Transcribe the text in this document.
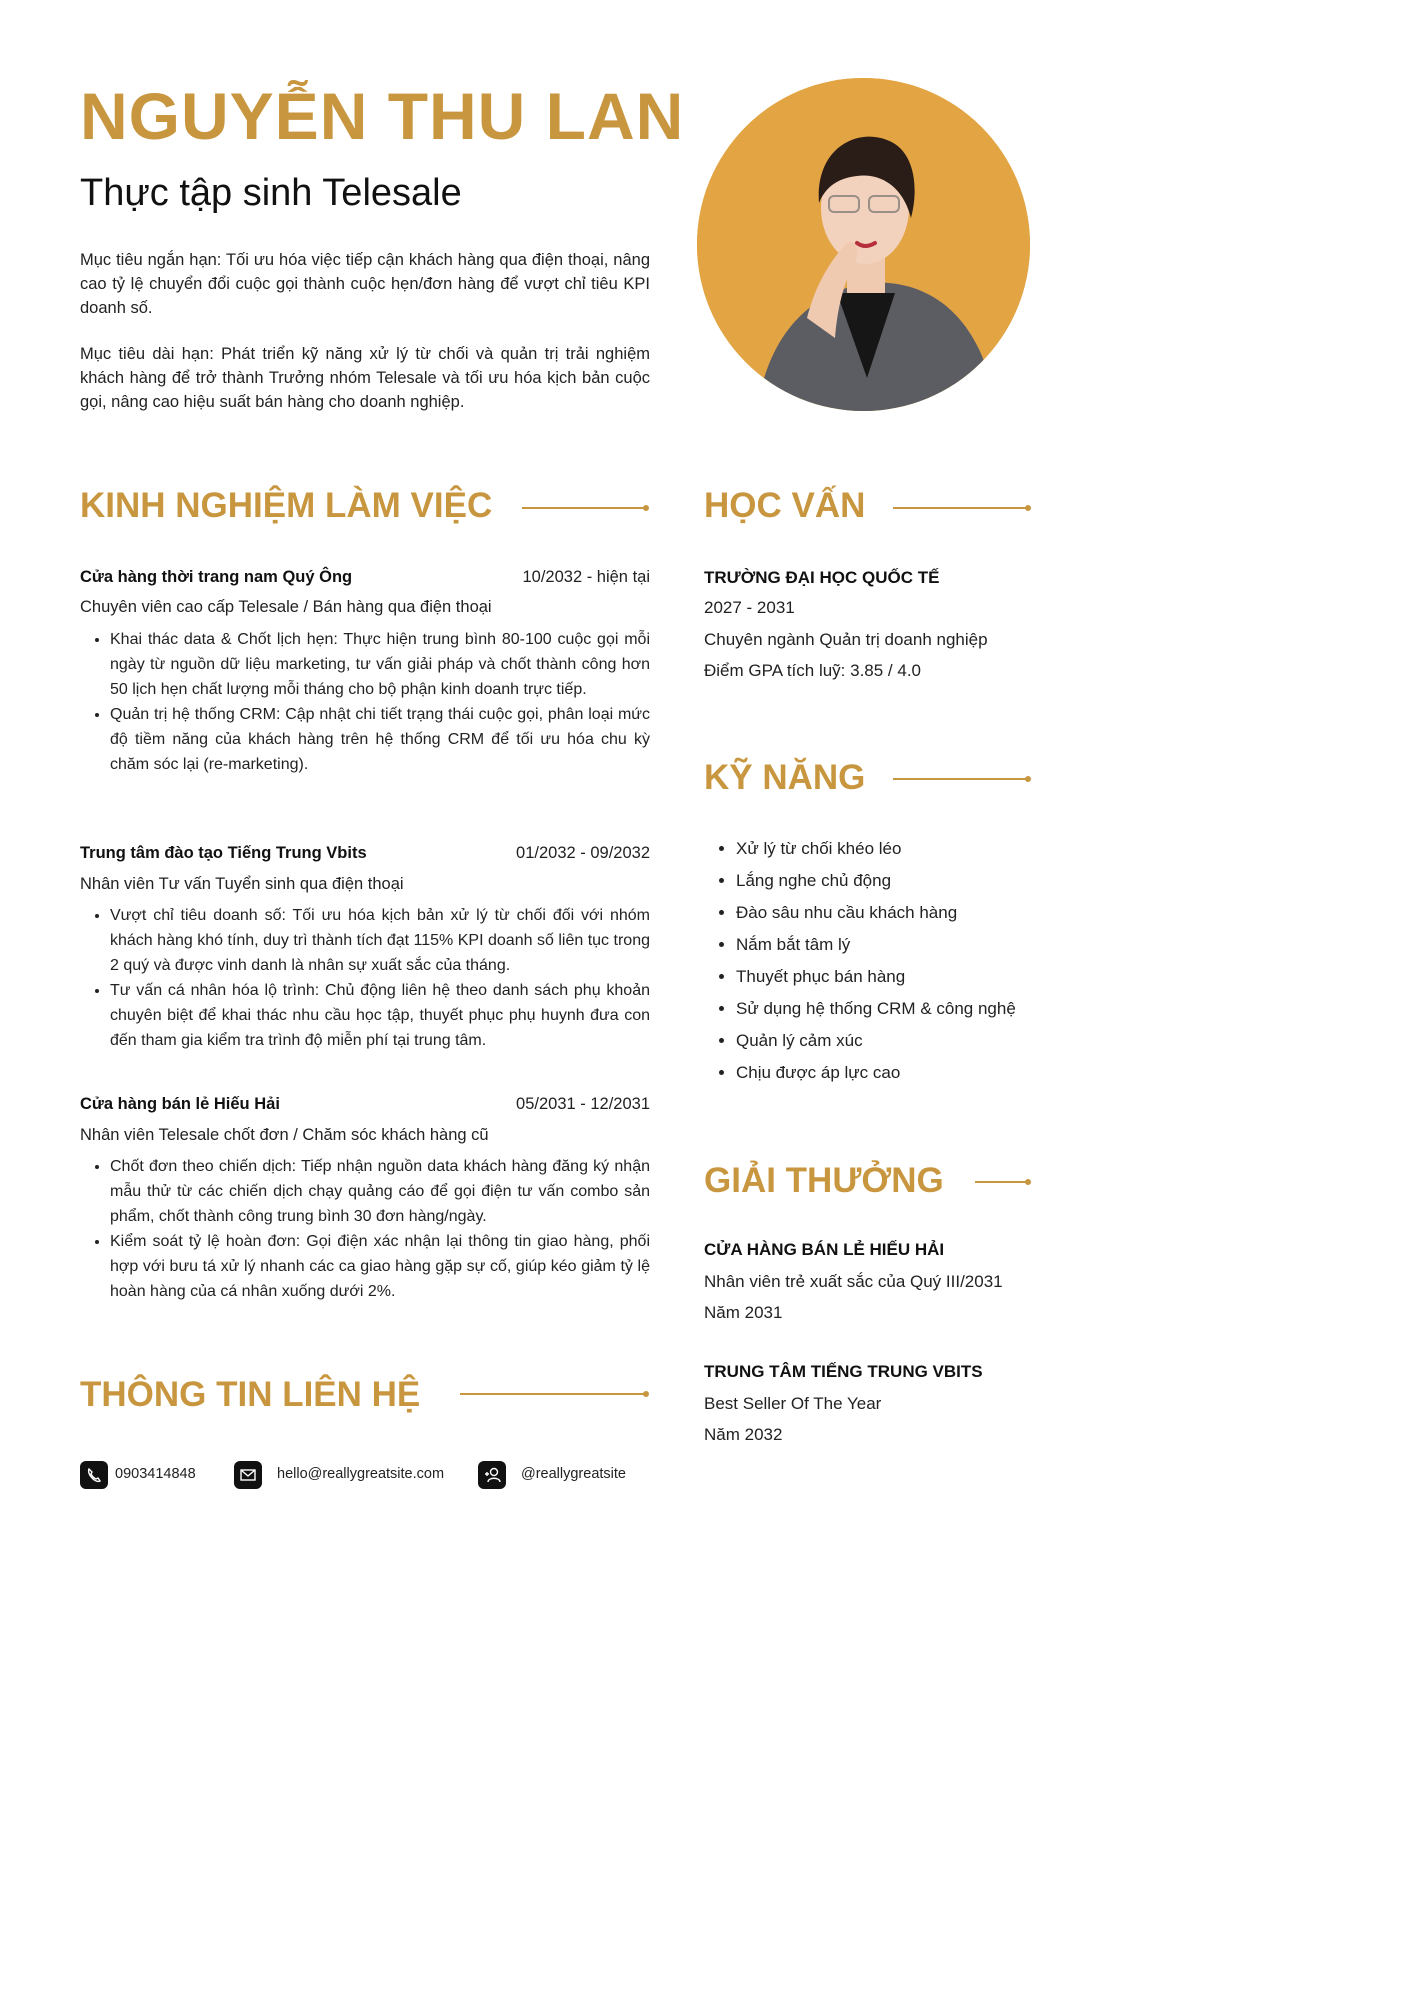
NGUYỄN THU LAN
Thực tập sinh Telesale

Mục tiêu ngắn hạn: Tối ưu hóa việc tiếp cận khách hàng qua điện thoại, nâng cao tỷ lệ chuyển đổi cuộc gọi thành cuộc hẹn/đơn hàng để vượt chỉ tiêu KPI doanh số.

Mục tiêu dài hạn: Phát triển kỹ năng xử lý từ chối và quản trị trải nghiệm khách hàng để trở thành Trưởng nhóm Telesale và tối ưu hóa kịch bản cuộc gọi, nâng cao hiệu suất bán hàng cho doanh nghiệp.

KINH NGHIỆM LÀM VIỆC
Cửa hàng thời trang nam Quý Ông	10/2032 - hiện tại
Chuyên viên cao cấp Telesale / Bán hàng qua điện thoại
• Khai thác data & Chốt lịch hẹn: Thực hiện trung bình 80-100 cuộc gọi mỗi ngày từ nguồn dữ liệu marketing, tư vấn giải pháp và chốt thành công hơn 50 lịch hẹn chất lượng mỗi tháng cho bộ phận kinh doanh trực tiếp.
• Quản trị hệ thống CRM: Cập nhật chi tiết trạng thái cuộc gọi, phân loại mức độ tiềm năng của khách hàng trên hệ thống CRM để tối ưu hóa chu kỳ chăm sóc lại (re-marketing).
Trung tâm đào tạo Tiếng Trung Vbits	01/2032 - 09/2032
Nhân viên Tư vấn Tuyển sinh qua điện thoại
• Vượt chỉ tiêu doanh số: Tối ưu hóa kịch bản xử lý từ chối đối với nhóm khách hàng khó tính, duy trì thành tích đạt 115% KPI doanh số liên tục trong 2 quý và được vinh danh là nhân sự xuất sắc của tháng.
• Tư vấn cá nhân hóa lộ trình: Chủ động liên hệ theo danh sách phụ khoản chuyên biệt để khai thác nhu cầu học tập, thuyết phục phụ huynh đưa con đến tham gia kiểm tra trình độ miễn phí tại trung tâm.
Cửa hàng bán lẻ Hiếu Hải	05/2031 - 12/2031
Nhân viên Telesale chốt đơn / Chăm sóc khách hàng cũ
• Chốt đơn theo chiến dịch: Tiếp nhận nguồn data khách hàng đăng ký nhận mẫu thử từ các chiến dịch chạy quảng cáo để gọi điện tư vấn combo sản phẩm, chốt thành công trung bình 30 đơn hàng/ngày.
• Kiểm soát tỷ lệ hoàn đơn: Gọi điện xác nhận lại thông tin giao hàng, phối hợp với bưu tá xử lý nhanh các ca giao hàng gặp sự cố, giúp kéo giảm tỷ lệ hoàn hàng của cá nhân xuống dưới 2%.
THÔNG TIN LIÊN HỆ
0903414848	hello@reallygreatsite.com	@reallygreatsite
HỌC VẤN
TRƯỜNG ĐẠI HỌC QUỐC TẾ
2027 - 2031
Chuyên ngành Quản trị doanh nghiệp
Điểm GPA tích luỹ: 3.85 / 4.0
KỸ NĂNG
• Xử lý từ chối khéo léo
• Lắng nghe chủ động
• Đào sâu nhu cầu khách hàng
• Nắm bắt tâm lý
• Thuyết phục bán hàng
• Sử dụng hệ thống CRM & công nghệ
• Quản lý cảm xúc
• Chịu được áp lực cao
GIẢI THƯỞNG
CỬA HÀNG BÁN LẺ HIẾU HẢI
Nhân viên trẻ xuất sắc của Quý III/2031
Năm 2031
TRUNG TÂM TIẾNG TRUNG VBITS
Best Seller Of The Year
Năm 2032
